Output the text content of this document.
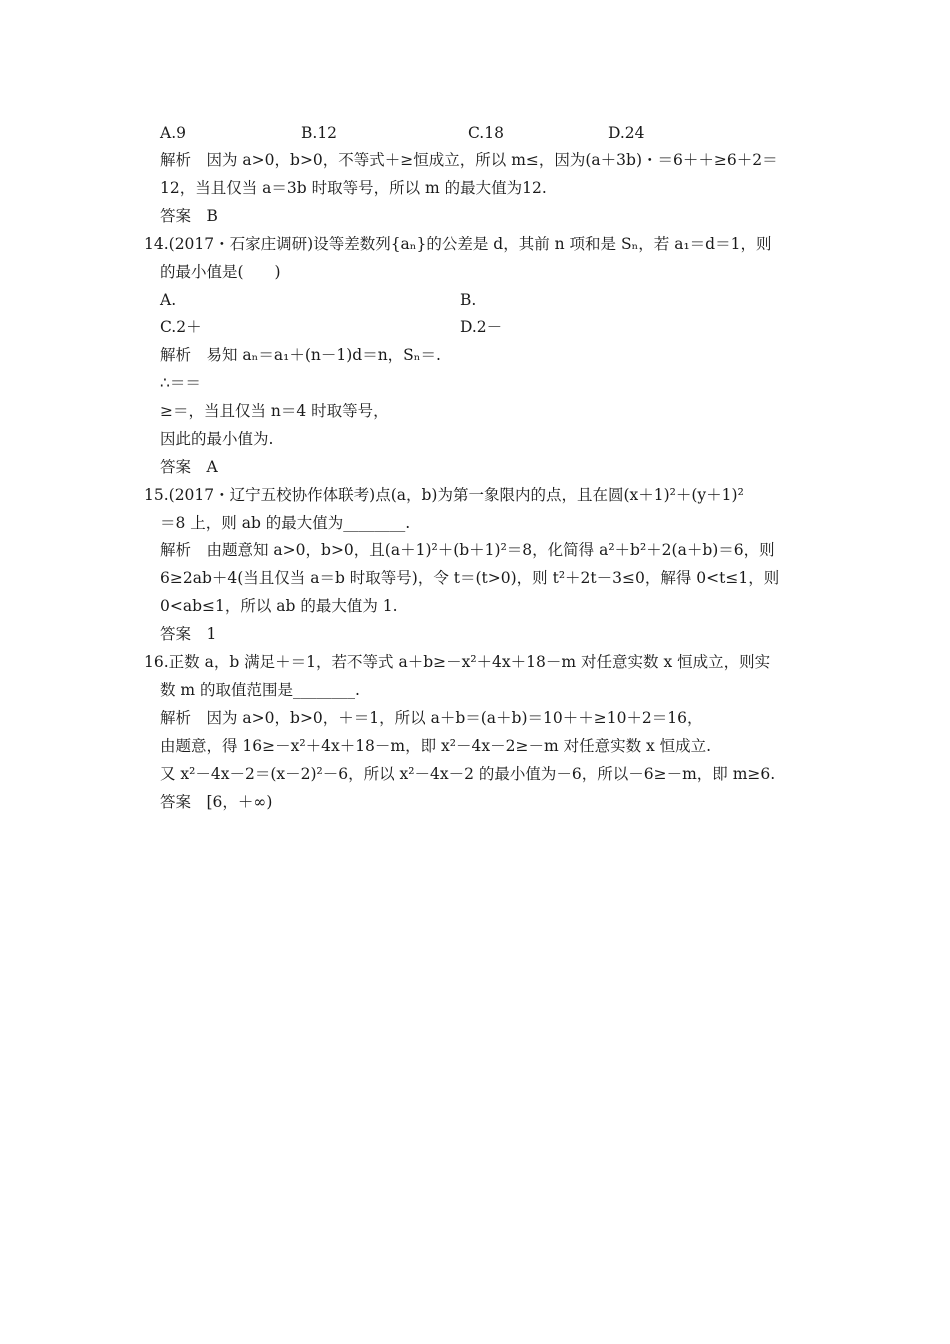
A.9	B.12	C.18	D.24
解析　因为 a>0，b>0，不等式＋≥恒成立，所以 m≤，因为(a＋3b)・＝6＋＋≥6＋2＝
12，当且仅当 a＝3b 时取等号，所以 m 的最大值为12.
答案　B
14.(2017・石家庄调研)设等差数列{aₙ}的公差是 d，其前 n 项和是 Sₙ，若 a₁＝d＝1，则
的最小值是(　　)
A.	B.
C.2＋	D.2－
解析　易知 aₙ＝a₁＋(n－1)d＝n，Sₙ＝.
∴＝＝
≥＝，当且仅当 n＝4 时取等号，
因此的最小值为.
答案　A
15.(2017・辽宁五校协作体联考)点(a，b)为第一象限内的点，且在圆(x＋1)²＋(y＋1)²
＝8 上，则 ab 的最大值为________.
解析　由题意知 a>0，b>0，且(a＋1)²＋(b＋1)²＝8，化简得 a²＋b²＋2(a＋b)＝6，则
6≥2ab＋4(当且仅当 a＝b 时取等号)，令 t＝(t>0)，则 t²＋2t－3≤0，解得 0<t≤1，则
0<ab≤1，所以 ab 的最大值为 1.
答案　1
16.正数 a，b 满足＋＝1，若不等式 a＋b≥－x²＋4x＋18－m 对任意实数 x 恒成立，则实
数 m 的取值范围是________.
解析　因为 a>0，b>0，＋＝1，所以 a＋b＝(a＋b)＝10＋＋≥10＋2＝16，
由题意，得 16≥－x²＋4x＋18－m，即 x²－4x－2≥－m 对任意实数 x 恒成立.
又 x²－4x－2＝(x－2)²－6，所以 x²－4x－2 的最小值为－6，所以－6≥－m，即 m≥6.
答案　[6，＋∞)
